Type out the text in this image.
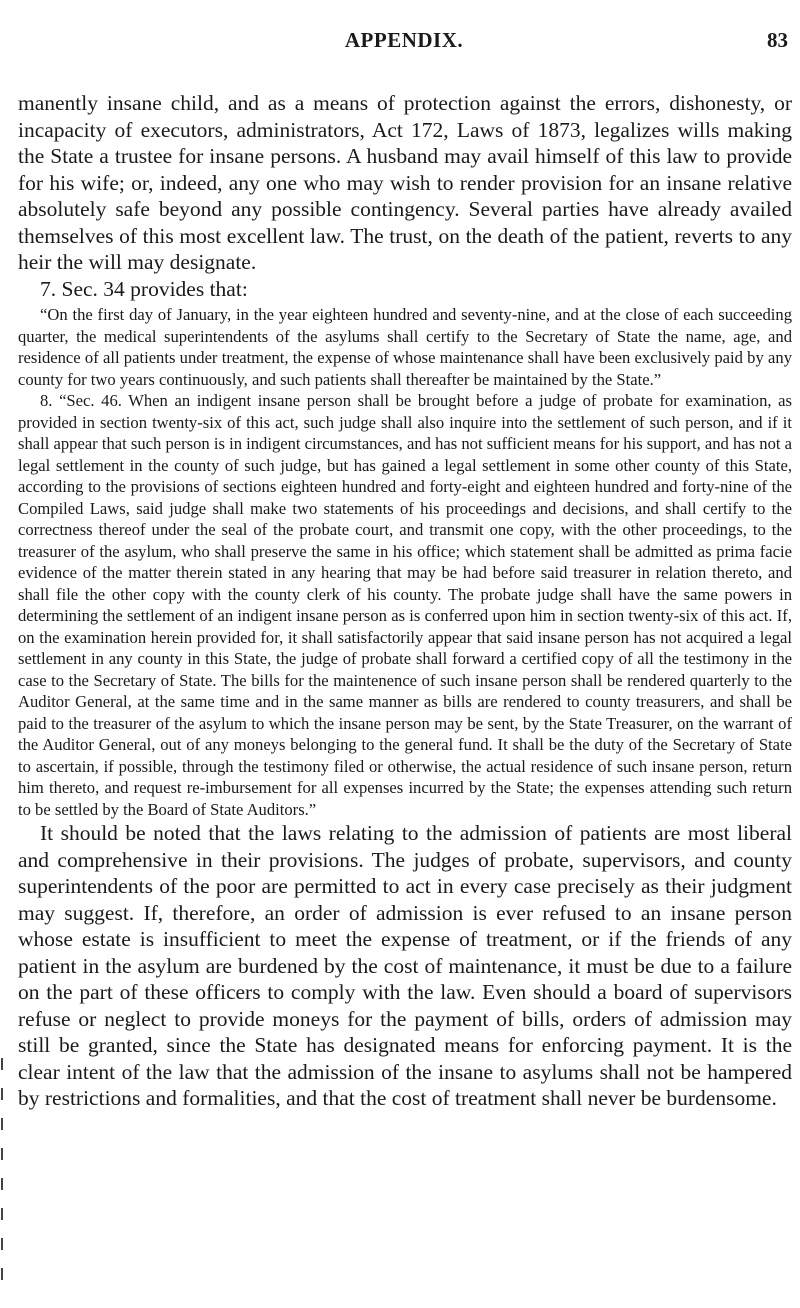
APPENDIX.	83

manently insane child, and as a means of protection against the errors, dishonesty, or incapacity of executors, administrators, Act 172, Laws of 1873, legalizes wills making the State a trustee for insane persons. A husband may avail himself of this law to provide for his wife; or, indeed, any one who may wish to render provision for an insane relative absolutely safe beyond any possible contingency. Several parties have already availed themselves of this most excellent law. The trust, on the death of the patient, reverts to any heir the will may designate.

7. Sec. 34 provides that:

“On the first day of January, in the year eighteen hundred and seventy-nine, and at the close of each succeeding quarter, the medical superintendents of the asylums shall certify to the Secretary of State the name, age, and residence of all patients under treatment, the expense of whose maintenance shall have been exclusively paid by any county for two years continuously, and such patients shall thereafter be maintained by the State.”

8. “Sec. 46. When an indigent insane person shall be brought before a judge of probate for examination, as provided in section twenty-six of this act, such judge shall also inquire into the settlement of such person, and if it shall appear that such person is in indigent circumstances, and has not sufficient means for his support, and has not a legal settlement in the county of such judge, but has gained a legal settlement in some other county of this State, according to the provisions of sections eighteen hundred and forty-eight and eighteen hundred and forty-nine of the Compiled Laws, said judge shall make two statements of his proceedings and decisions, and shall certify to the correctness thereof under the seal of the probate court, and transmit one copy, with the other proceedings, to the treasurer of the asylum, who shall preserve the same in his office; which statement shall be admitted as prima facie evidence of the matter therein stated in any hearing that may be had before said treasurer in relation thereto, and shall file the other copy with the county clerk of his county. The probate judge shall have the same powers in determining the settlement of an indigent insane person as is conferred upon him in section twenty-six of this act. If, on the examination herein provided for, it shall satisfactorily appear that said insane person has not acquired a legal settlement in any county in this State, the judge of probate shall forward a certified copy of all the testimony in the case to the Secretary of State. The bills for the maintenence of such insane person shall be rendered quarterly to the Auditor General, at the same time and in the same manner as bills are rendered to county treasurers, and shall be paid to the treasurer of the asylum to which the insane person may be sent, by the State Treasurer, on the warrant of the Auditor General, out of any moneys belonging to the general fund. It shall be the duty of the Secretary of State to ascertain, if possible, through the testimony filed or otherwise, the actual residence of such insane person, return him thereto, and request re-imbursement for all expenses incurred by the State; the expenses attending such return to be settled by the Board of State Auditors.”

It should be noted that the laws relating to the admission of patients are most liberal and comprehensive in their provisions. The judges of probate, supervisors, and county superintendents of the poor are permitted to act in every case precisely as their judgment may suggest. If, therefore, an order of admission is ever refused to an insane person whose estate is insufficient to meet the expense of treatment, or if the friends of any patient in the asylum are burdened by the cost of maintenance, it must be due to a failure on the part of these officers to comply with the law. Even should a board of supervisors refuse or neglect to provide moneys for the payment of bills, orders of admission may still be granted, since the State has designated means for enforcing payment. It is the clear intent of the law that the admission of the insane to asylums shall not be hampered by restrictions and formalities, and that the cost of treatment shall never be burdensome.
